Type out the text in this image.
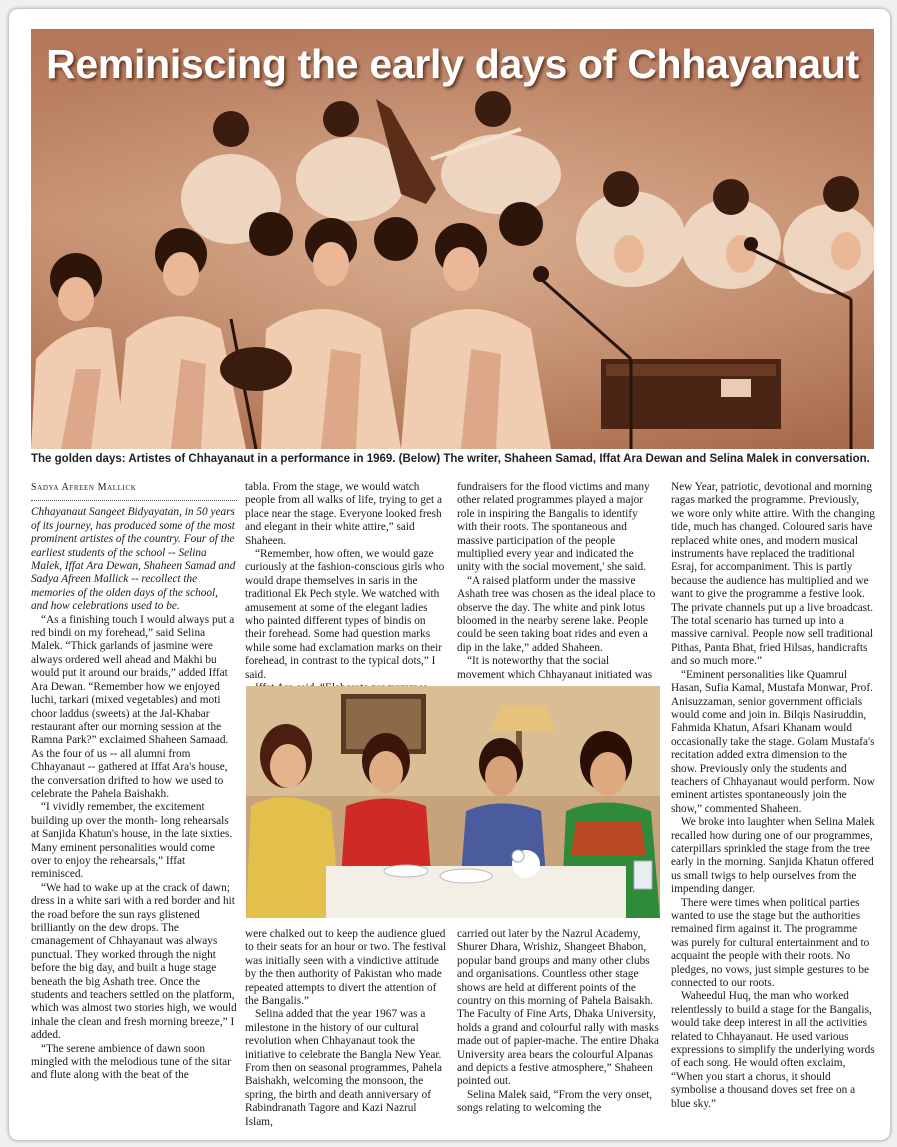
Reminiscing the early days of Chhayanaut
The golden days: Artistes of Chhayanaut in a performance in 1969. (Below) The writer, Shaheen Samad, Iffat Ara Dewan and Selina Malek in conversation.

Sadya Afreen Mallick

Chhayanaut Sangeet Bidyayatan, in 50 years of its journey, has produced some of the most prominent artistes of the country. Four of the earliest students of the school -- Selina Malek, Iffat Ara Dewan, Shaheen Samad and Sadya Afreen Mallick -- recollect the memories of the olden days of the school, and how celebrations used to be.

“As a finishing touch I would always put a red bindi on my forehead,” said Selina Malek. “Thick garlands of jasmine were always ordered well ahead and Makhi bu would put it around our braids,” added Iffat Ara Dewan. “Remember how we enjoyed luchi, tarkari (mixed vegetables) and moti choor laddus (sweets) at the Jal-Khabar restaurant after our morning session at the Ramna Park?” exclaimed Shaheen Samaad. As the four of us -- all alumni from Chhayanaut -- gathered at Iffat Ara's house, the conversation drifted to how we used to celebrate the Pahela Baishakh.

“I vividly remember, the excitement building up over the month- long rehearsals at Sanjida Khatun's house, in the late sixties. Many eminent personalities would come over to enjoy the rehearsals,” Iffat reminisced.

“We had to wake up at the crack of dawn; dress in a white sari with a red border and hit the road before the sun rays glistened brilliantly on the dew drops. The cmanagement of Chhayanaut was always punctual. They worked through the night before the big day, and built a huge stage beneath the big Ashath tree. Once the students and teachers settled on the platform, which was almost two stories high, we would inhale the clean and fresh morning breeze,” I added.

“The serene ambience of dawn soon mingled with the melodious tune of the sitar and flute along with the beat of the

tabla. From the stage, we would watch people from all walks of life, trying to get a place near the stage. Everyone looked fresh and elegant in their white attire,” said Shaheen.

“Remember, how often, we would gaze curiously at the fashion-conscious girls who would drape themselves in saris in the traditional Ek Pech style. We watched with amusement at some of the elegant ladies who painted different types of bindis on their forehead. Some had question marks while some had exclamation marks on their forehead, in contrast to the typical dots,” I said.

fundraisers for the flood victims and many other related programmes played a major role in inspiring the Bangalis to identify with their roots. The spontaneous and massive participation of the people multiplied every year and indicated the unity with the social movement,' she said.

“A raised platform under the massive Ashath tree was chosen as the ideal place to observe the day. The white and pink lotus bloomed in the nearby serene lake. People could be seen taking boat rides and even a dip in the lake,” added Shaheen.

“It is noteworthy that the social movement which Chhayanaut initiated was

were chalked out to keep the audience glued to their seats for an hour or two. The festival was initially seen with a vindictive attitude by the then authority of Pakistan who made repeated attempts to divert the attention of the Bangalis.”

Selina added that the year 1967 was a milestone in the history of our cultural revolution when Chhayanaut took the initiative to celebrate the Bangla New Year. From then on seasonal programmes, Pahela Baishakh, welcoming the monsoon, the spring, the birth and death anniversary of Rabindranath Tagore and Kazi Nazrul Islam,

carried out later by the Nazrul Academy, Shurer Dhara, Wrishiz, Shangeet Bhabon, popular band groups and many other clubs and organisations. Countless other stage shows are held at different points of the country on this morning of Pahela Baisakh. The Faculty of Fine Arts, Dhaka University, holds a grand and colourful rally with masks made out of papier-mache. The entire Dhaka University area bears the colourful Alpanas and depicts a festive atmosphere,” Shaheen pointed out.

Selina Malek said, “From the very onset, songs relating to welcoming the

New Year, patriotic, devotional and morning ragas marked the programme. Previously, we wore only white attire. With the changing tide, much has changed. Coloured saris have replaced white ones, and modern musical instruments have replaced the traditional Esraj, for accompaniment. This is partly because the audience has multiplied and we want to give the programme a festive look. The private channels put up a live broadcast. The total scenario has turned up into a massive carnival. People now sell traditional Pithas, Panta Bhat, fried Hilsas, handicrafts and so much more.”

“Eminent personalities like Quamrul Hasan, Sufia Kamal, Mustafa Monwar, Prof. Anisuzzaman, senior government officials would come and join in. Bilqis Nasiruddin, Fahmida Khatun, Afsari Khanam would occasionally take the stage. Golam Mustafa's recitation added extra dimension to the show. Previously only the students and teachers of Chhayanaut would perform. Now eminent artistes spontaneously join the show,” commented Shaheen.

We broke into laughter when Selina Malek recalled how during one of our programmes, caterpillars sprinkled the stage from the tree early in the morning. Sanjida Khatun offered us small twigs to help ourselves from the impending danger.

There were times when political parties wanted to use the stage but the authorities remained firm against it. The programme was purely for cultural entertainment and to acquaint the people with their roots. No pledges, no vows, just simple gestures to be connected to our roots.

Waheedul Huq, the man who worked relentlessly to build a stage for the Bangalis, would take deep interest in all the activities related to Chhayanaut. He used various expressions to simplify the underlying words of each song. He would often exclaim, “When you start a chorus, it should symbolise a thousand doves set free on a blue sky.”
